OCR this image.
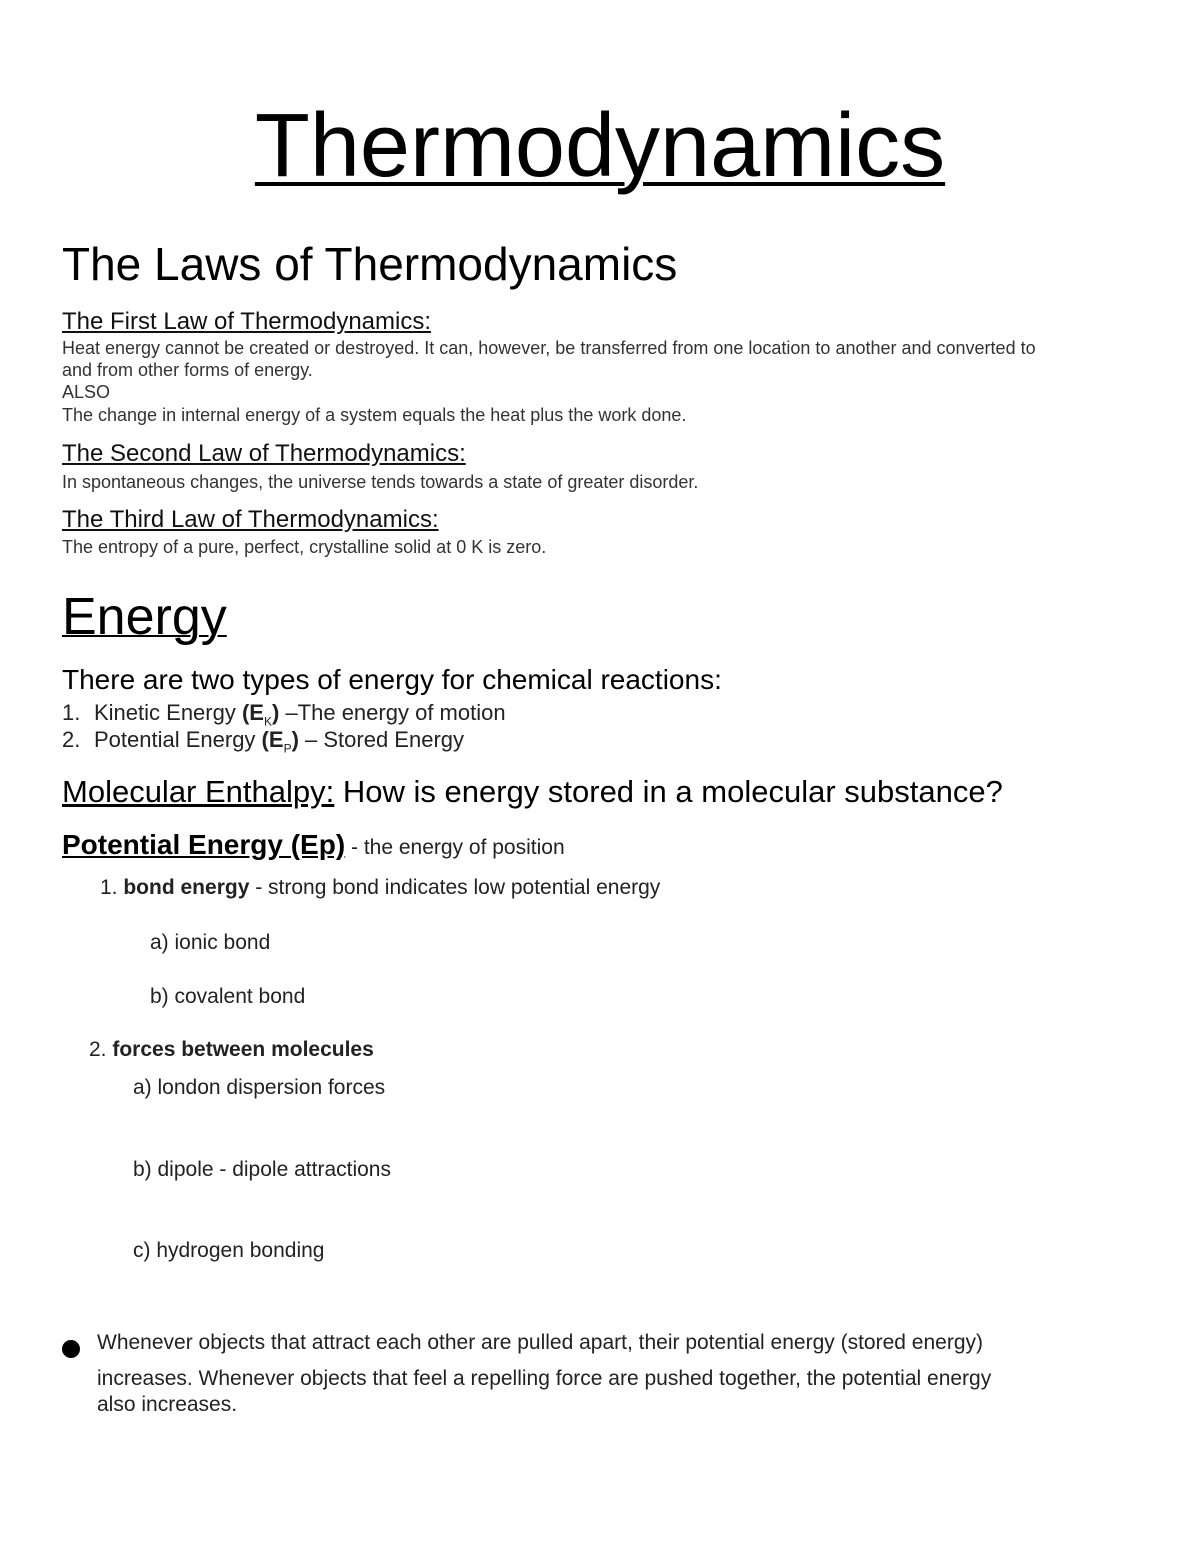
Thermodynamics
The Laws of Thermodynamics
The First Law of Thermodynamics:
Heat energy cannot be created or destroyed. It can, however, be transferred from one location to another and converted to
and from other forms of energy.
ALSO
The change in internal energy of a system equals the heat plus the work done.
The Second Law of Thermodynamics:
In spontaneous changes, the universe tends towards a state of greater disorder.
The Third Law of Thermodynamics:
The entropy of a pure, perfect, crystalline solid at 0 K is zero.
Energy
There are two types of energy for chemical reactions:
1. Kinetic Energy $(E_K)$ –The energy of motion
2. Potential Energy $(E_P)$ – Stored Energy
Molecular Enthalpy: How is energy stored in a molecular substance?
Potential Energy (Ep) - the energy of position
1. bond energy - strong bond indicates low potential energy
a) ionic bond
b) covalent bond
2. forces between molecules
a) london dispersion forces
b) dipole - dipole attractions
c) hydrogen bonding
Whenever objects that attract each other are pulled apart, their potential energy (stored energy)
increases. Whenever objects that feel a repelling force are pushed together, the potential energy
also increases.
